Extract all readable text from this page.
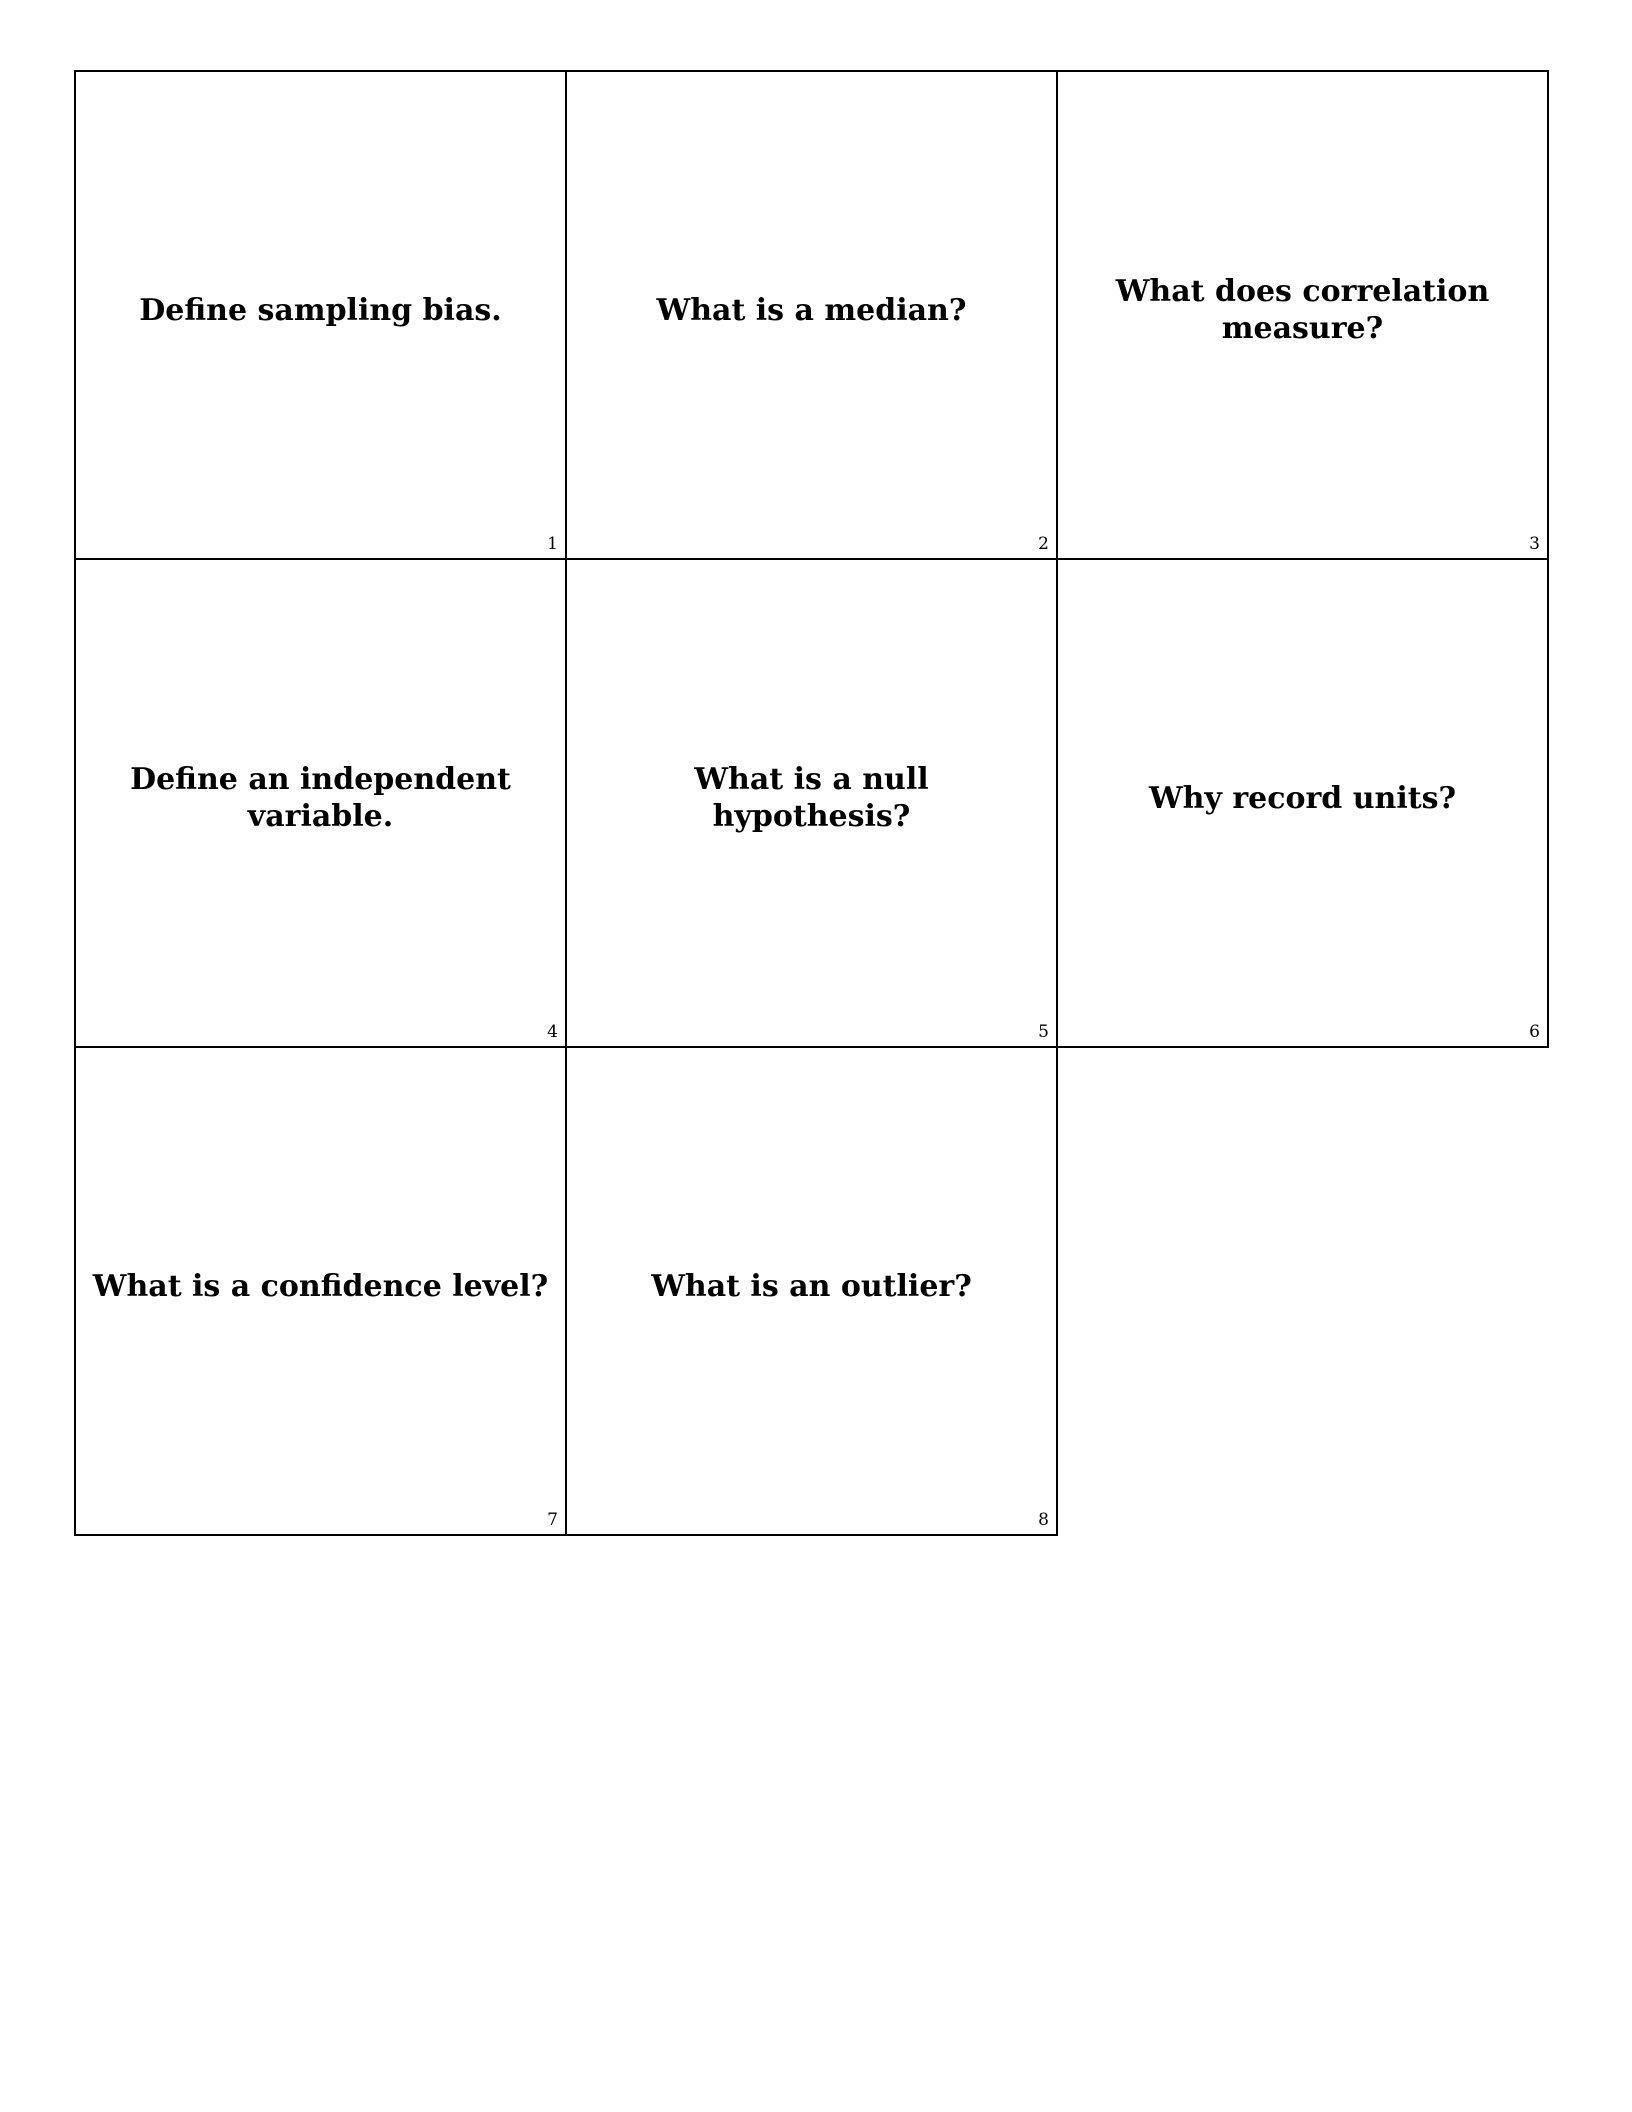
Define sampling bias.
1
What is a median?
2
What does correlation measure?
3
Define an independent variable.
4
What is a null hypothesis?
5
Why record units?
6
What is a confidence level?
7
What is an outlier?
8
